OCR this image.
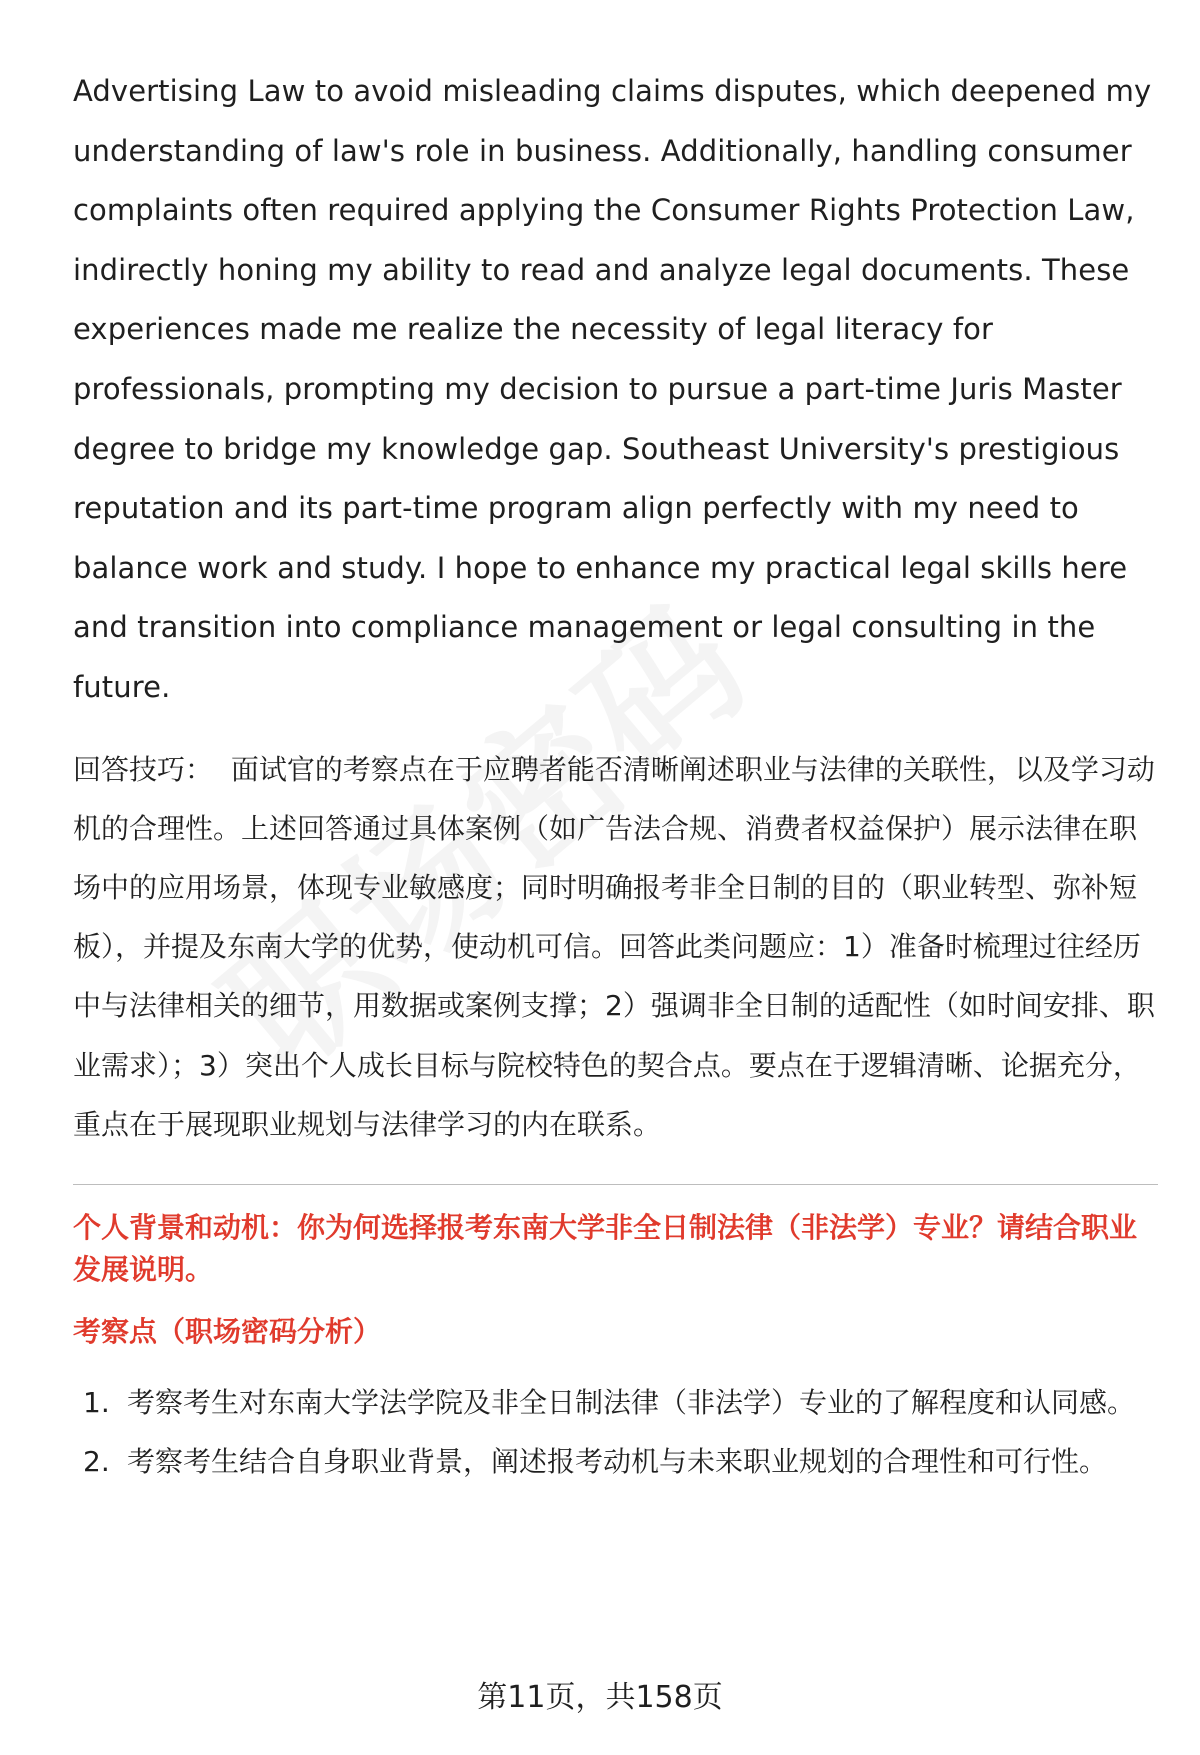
Advertising Law to avoid misleading claims disputes, which deepened my understanding of law's role in business. Additionally, handling consumer complaints often required applying the Consumer Rights Protection Law, indirectly honing my ability to read and analyze legal documents. These experiences made me realize the necessity of legal literacy for professionals, prompting my decision to pursue a part-time Juris Master degree to bridge my knowledge gap. Southeast University's prestigious reputation and its part-time program align perfectly with my need to balance work and study. I hope to enhance my practical legal skills here and transition into compliance management or legal consulting in the future.

回答技巧： 面试官的考察点在于应聘者能否清晰阐述职业与法律的关联性，以及学习动机的合理性。上述回答通过具体案例（如广告法合规、消费者权益保护）展示法律在职场中的应用场景，体现专业敏感度；同时明确报考非全日制的目的（职业转型、弥补短板），并提及东南大学的优势，使动机可信。回答此类问题应：1）准备时梳理过往经历中与法律相关的细节，用数据或案例支撑；2）强调非全日制的适配性（如时间安排、职业需求）；3）突出个人成长目标与院校特色的契合点。要点在于逻辑清晰、论据充分，重点在于展现职业规划与法律学习的内在联系。

个人背景和动机：你为何选择报考东南大学非全日制法律（非法学）专业？请结合职业发展说明。
考察点（职场密码分析）
1. 考察考生对东南大学法学院及非全日制法律（非法学）专业的了解程度和认同感。
2. 考察考生结合自身职业背景，阐述报考动机与未来职业规划的合理性和可行性。
第11页，共158页
